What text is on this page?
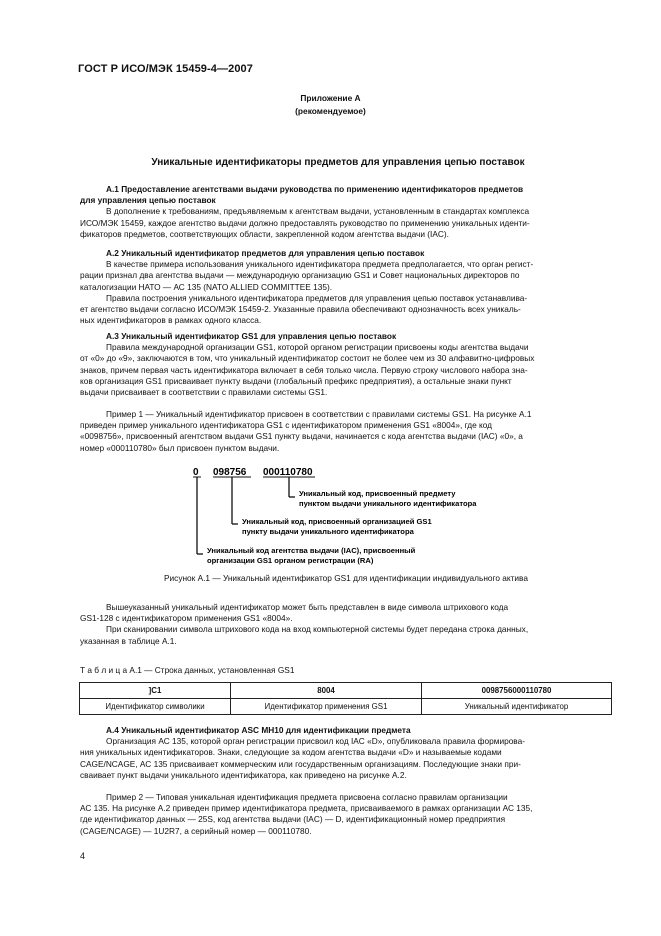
ГОСТ Р ИСО/МЭК 15459-4—2007
Приложение А
(рекомендуемое)
Уникальные идентификаторы предметов для управления цепью поставок
А.1 Предоставление агентствами выдачи руководства по применению идентификаторов предметов
для управления цепью поставок
В дополнение к требованиям, предъявляемым к агентствам выдачи, установленным в стандартах комплекса
ИСО/МЭК 15459, каждое агентство выдачи должно предоставлять руководство по применению уникальных иденти-
фикаторов предметов, соответствующих области, закрепленной кодом агентства выдачи (IAC).
А.2 Уникальный идентификатор предметов для управления цепью поставок
В качестве примера использования уникального идентификатора предмета предполагается, что орган регист-
рации признал два агентства выдачи — международную организацию GS1 и Совет национальных директоров по
каталогизации НАТО — АС 135 (NATO ALLIED COMMITTEE 135).
Правила построения уникального идентификатора предметов для управления цепью поставок устанавлива-
ет агентство выдачи согласно ИСО/МЭК 15459-2. Указанные правила обеспечивают однозначность всех уникаль-
ных идентификаторов в рамках одного класса.
А.3 Уникальный идентификатор GS1 для управления цепью поставок
Правила международной организации GS1, которой органом регистрации присвоены коды агентства выдачи
от «0» до «9», заключаются в том, что уникальный идентификатор состоит не более чем из 30 алфавитно-цифровых
знаков, причем первая часть идентификатора включает в себя только числа. Первую строку числового набора зна-
ков организация GS1 присваивает пункту выдачи (глобальный префикс предприятия), а остальные знаки пункт
выдачи присваивает в соответствии с правилами системы GS1.
Пример 1 — Уникальный идентификатор присвоен в соответствии с правилами системы GS1. На рисунке А.1
приведен пример уникального идентификатора GS1 с идентификатором применения GS1 «8004», где код
«0098756», присвоенный агентством выдачи GS1 пункту выдачи, начинается с кода агентства выдачи (IAC) «0», а
номер «000110780» был присвоен пунктом выдачи.
0 098756 000110780
Уникальный код, присвоенный предмету
пунктом выдачи уникального идентификатора
Уникальный код, присвоенный организацией GS1
пункту выдачи уникального идентификатора
Уникальный код агентства выдачи (IAC), присвоенный
организации GS1 органом регистрации (RA)
Рисунок А.1 — Уникальный идентификатор GS1 для идентификации индивидуального актива
Вышеуказанный уникальный идентификатор может быть представлен в виде символа штрихового кода
GS1-128 с идентификатором применения GS1 «8004».
При сканировании символа штрихового кода на вход компьютерной системы будет передана строка данных,
указанная в таблице А.1.
Т а б л и ц а А.1 — Строка данных, установленная GS1
]C1	8004	0098756000110780
Идентификатор символики	Идентификатор применения GS1	Уникальный идентификатор
А.4 Уникальный идентификатор ASC MH10 для идентификации предмета
Организация АС 135, которой орган регистрации присвоил код IAC «D», опубликовала правила формирова-
ния уникальных идентификаторов. Знаки, следующие за кодом агентства выдачи «D» и называемые кодами
CAGE/NCAGE, АС 135 присваивает коммерческим или государственным организациям. Последующие знаки при-
сваивает пункт выдачи уникального идентификатора, как приведено на рисунке А.2.
Пример 2 — Типовая уникальная идентификация предмета присвоена согласно правилам организации
АС 135. На рисунке А.2 приведен пример идентификатора предмета, присваиваемого в рамках организации АС 135,
где идентификатор данных — 25S, код агентства выдачи (IAC) — D, идентификационный номер предприятия
(CAGE/NCAGE) — 1U2R7, а серийный номер — 000110780.
4
